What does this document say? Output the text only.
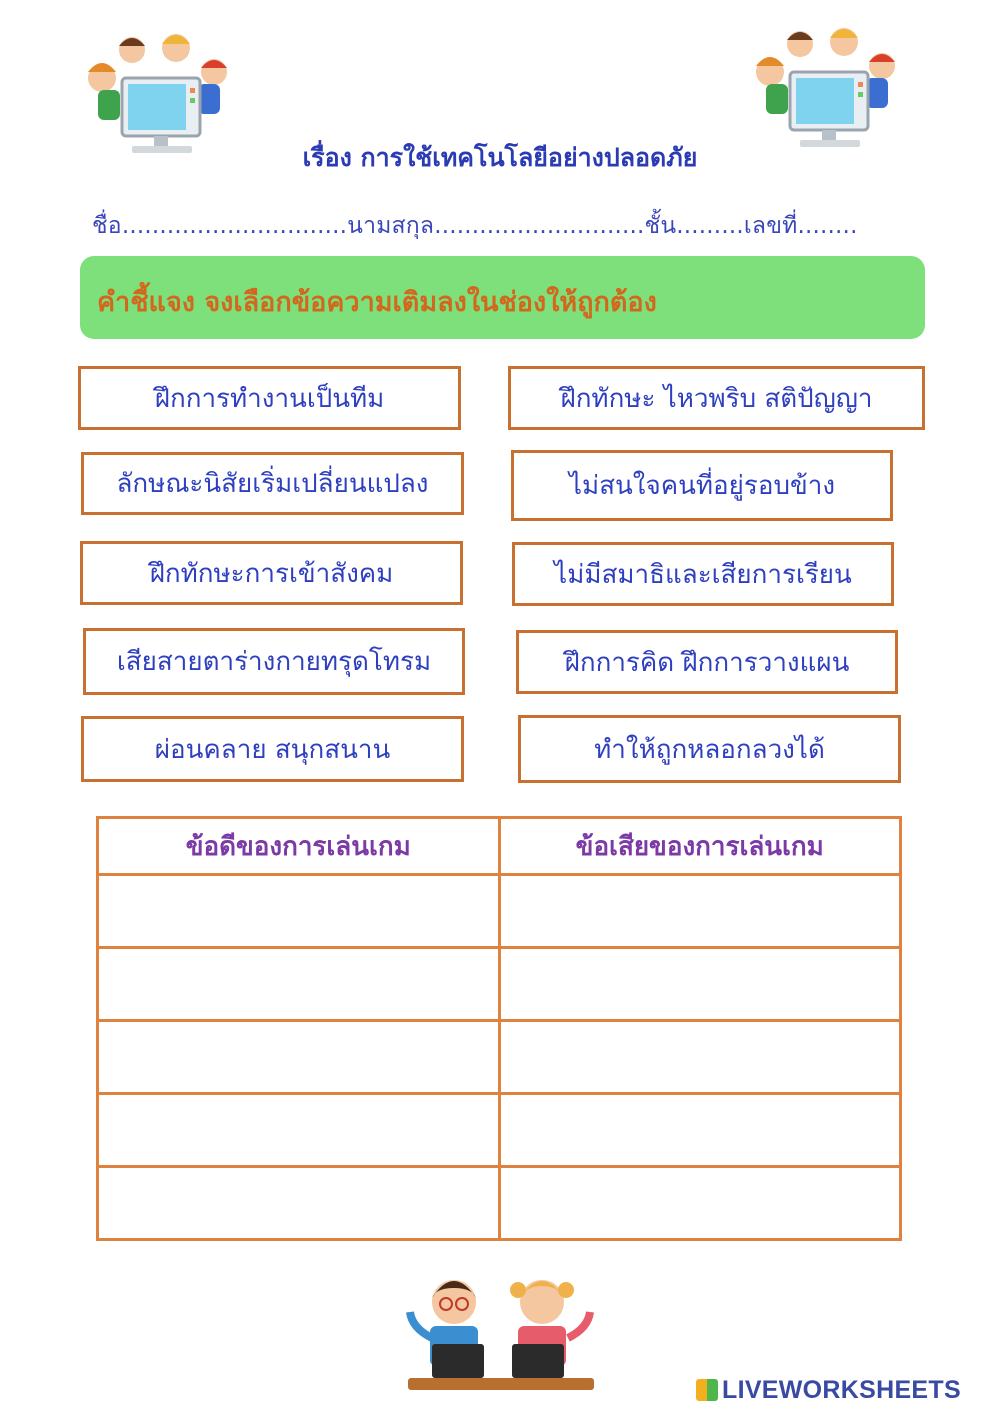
เรื่อง การใช้เทคโนโลยีอย่างปลอดภัย
ชื่อ..............................นามสกุล............................ชั้น.........เลขที่........
คำชี้แจง จงเลือกข้อความเติมลงในช่องให้ถูกต้อง
ฝึกการทำงานเป็นทีม	ฝึกทักษะ ไหวพริบ สติปัญญา
ลักษณะนิสัยเริ่มเปลี่ยนแปลง	ไม่สนใจคนที่อยู่รอบข้าง
ฝึกทักษะการเข้าสังคม	ไม่มีสมาธิและเสียการเรียน
เสียสายตาร่างกายทรุดโทรม	ฝึกการคิด ฝึกการวางแผน
ผ่อนคลาย สนุกสนาน	ทำให้ถูกหลอกลวงได้
ข้อดีของการเล่นเกม	ข้อเสียของการเล่นเกม

LIVEWORKSHEETS
